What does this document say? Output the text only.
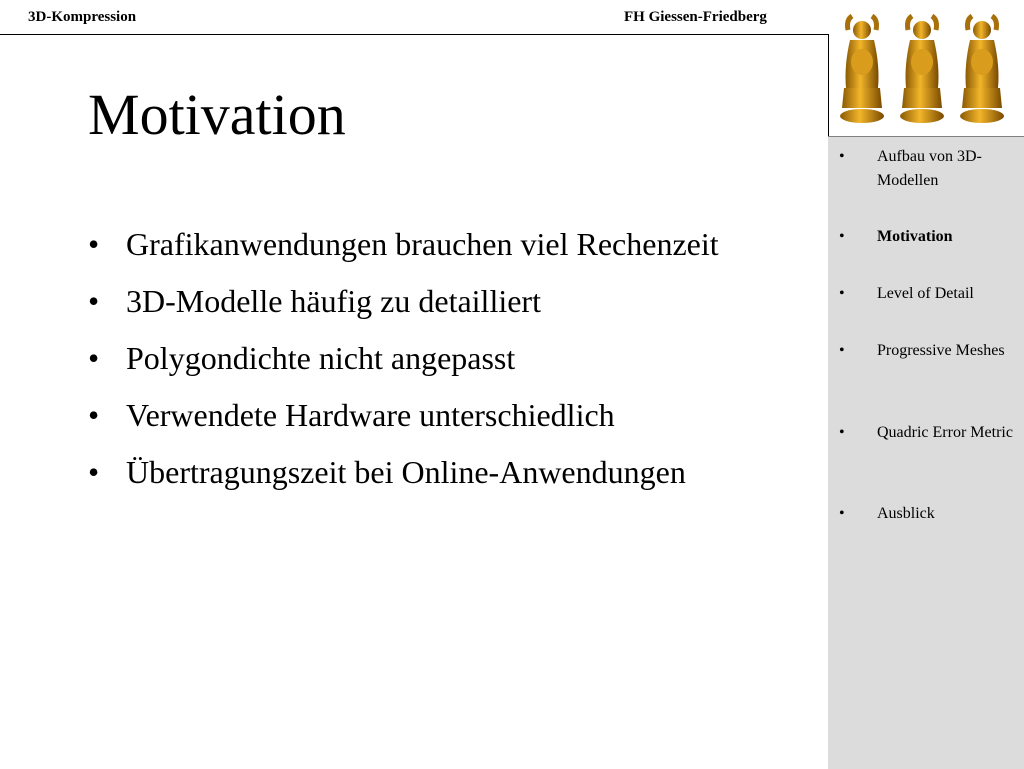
3D-Kompression	FH Giessen-Friedberg
• Aufbau von 3D-Modellen
• Motivation
• Level of Detail
• Progressive Meshes
• Quadric Error Metric
• Ausblick
Motivation
• Grafikanwendungen brauchen viel Rechenzeit
• 3D-Modelle häufig zu detailliert
• Polygondichte nicht angepasst
• Verwendete Hardware unterschiedlich
• Übertragungszeit bei Online-Anwendungen
